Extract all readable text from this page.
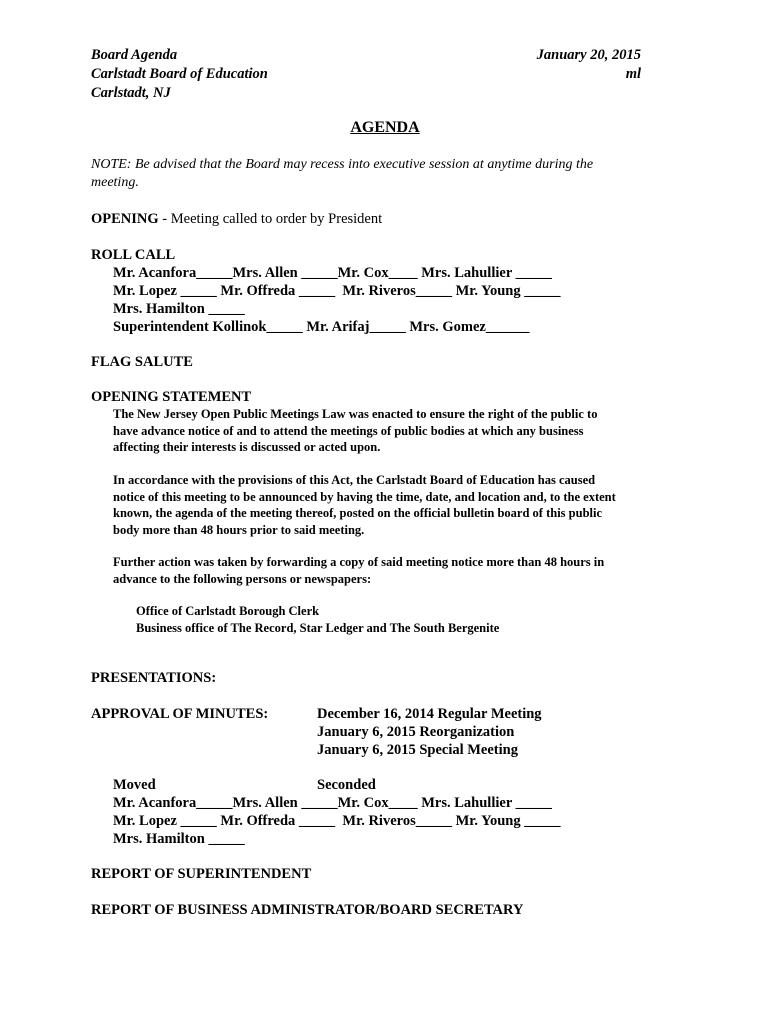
Board Agenda
Carlstadt Board of Education
Carlstadt, NJ
January 20, 2015
ml
AGENDA
NOTE: Be advised that the Board may recess into executive session at anytime during the
meeting.
OPENING - Meeting called to order by President
ROLL CALL
Mr. Acanfora_____Mrs. Allen _____Mr. Cox____ Mrs. Lahullier _____
Mr. Lopez _____ Mr. Offreda _____  Mr. Riveros_____ Mr. Young _____
Mrs. Hamilton _____
Superintendent Kollinok_____ Mr. Arifaj_____ Mrs. Gomez______
FLAG SALUTE
OPENING STATEMENT
The New Jersey Open Public Meetings Law was enacted to ensure the right of the public to
have advance notice of and to attend the meetings of public bodies at which any business
affecting their interests is discussed or acted upon.
In accordance with the provisions of this Act, the Carlstadt Board of Education has caused
notice of this meeting to be announced by having the time, date, and location and, to the extent
known, the agenda of the meeting thereof, posted on the official bulletin board of this public
body more than 48 hours prior to said meeting.
Further action was taken by forwarding a copy of said meeting notice more than 48 hours in
advance to the following persons or newspapers:
Office of Carlstadt Borough Clerk
Business office of The Record, Star Ledger and The South Bergenite
PRESENTATIONS:
APPROVAL OF MINUTES:	December 16, 2014 Regular Meeting
January 6, 2015 Reorganization
January 6, 2015 Special Meeting
Moved	Seconded
Mr. Acanfora_____Mrs. Allen _____Mr. Cox____ Mrs. Lahullier _____
Mr. Lopez _____ Mr. Offreda _____  Mr. Riveros_____ Mr. Young _____
Mrs. Hamilton _____
REPORT OF SUPERINTENDENT
REPORT OF BUSINESS ADMINISTRATOR/BOARD SECRETARY
